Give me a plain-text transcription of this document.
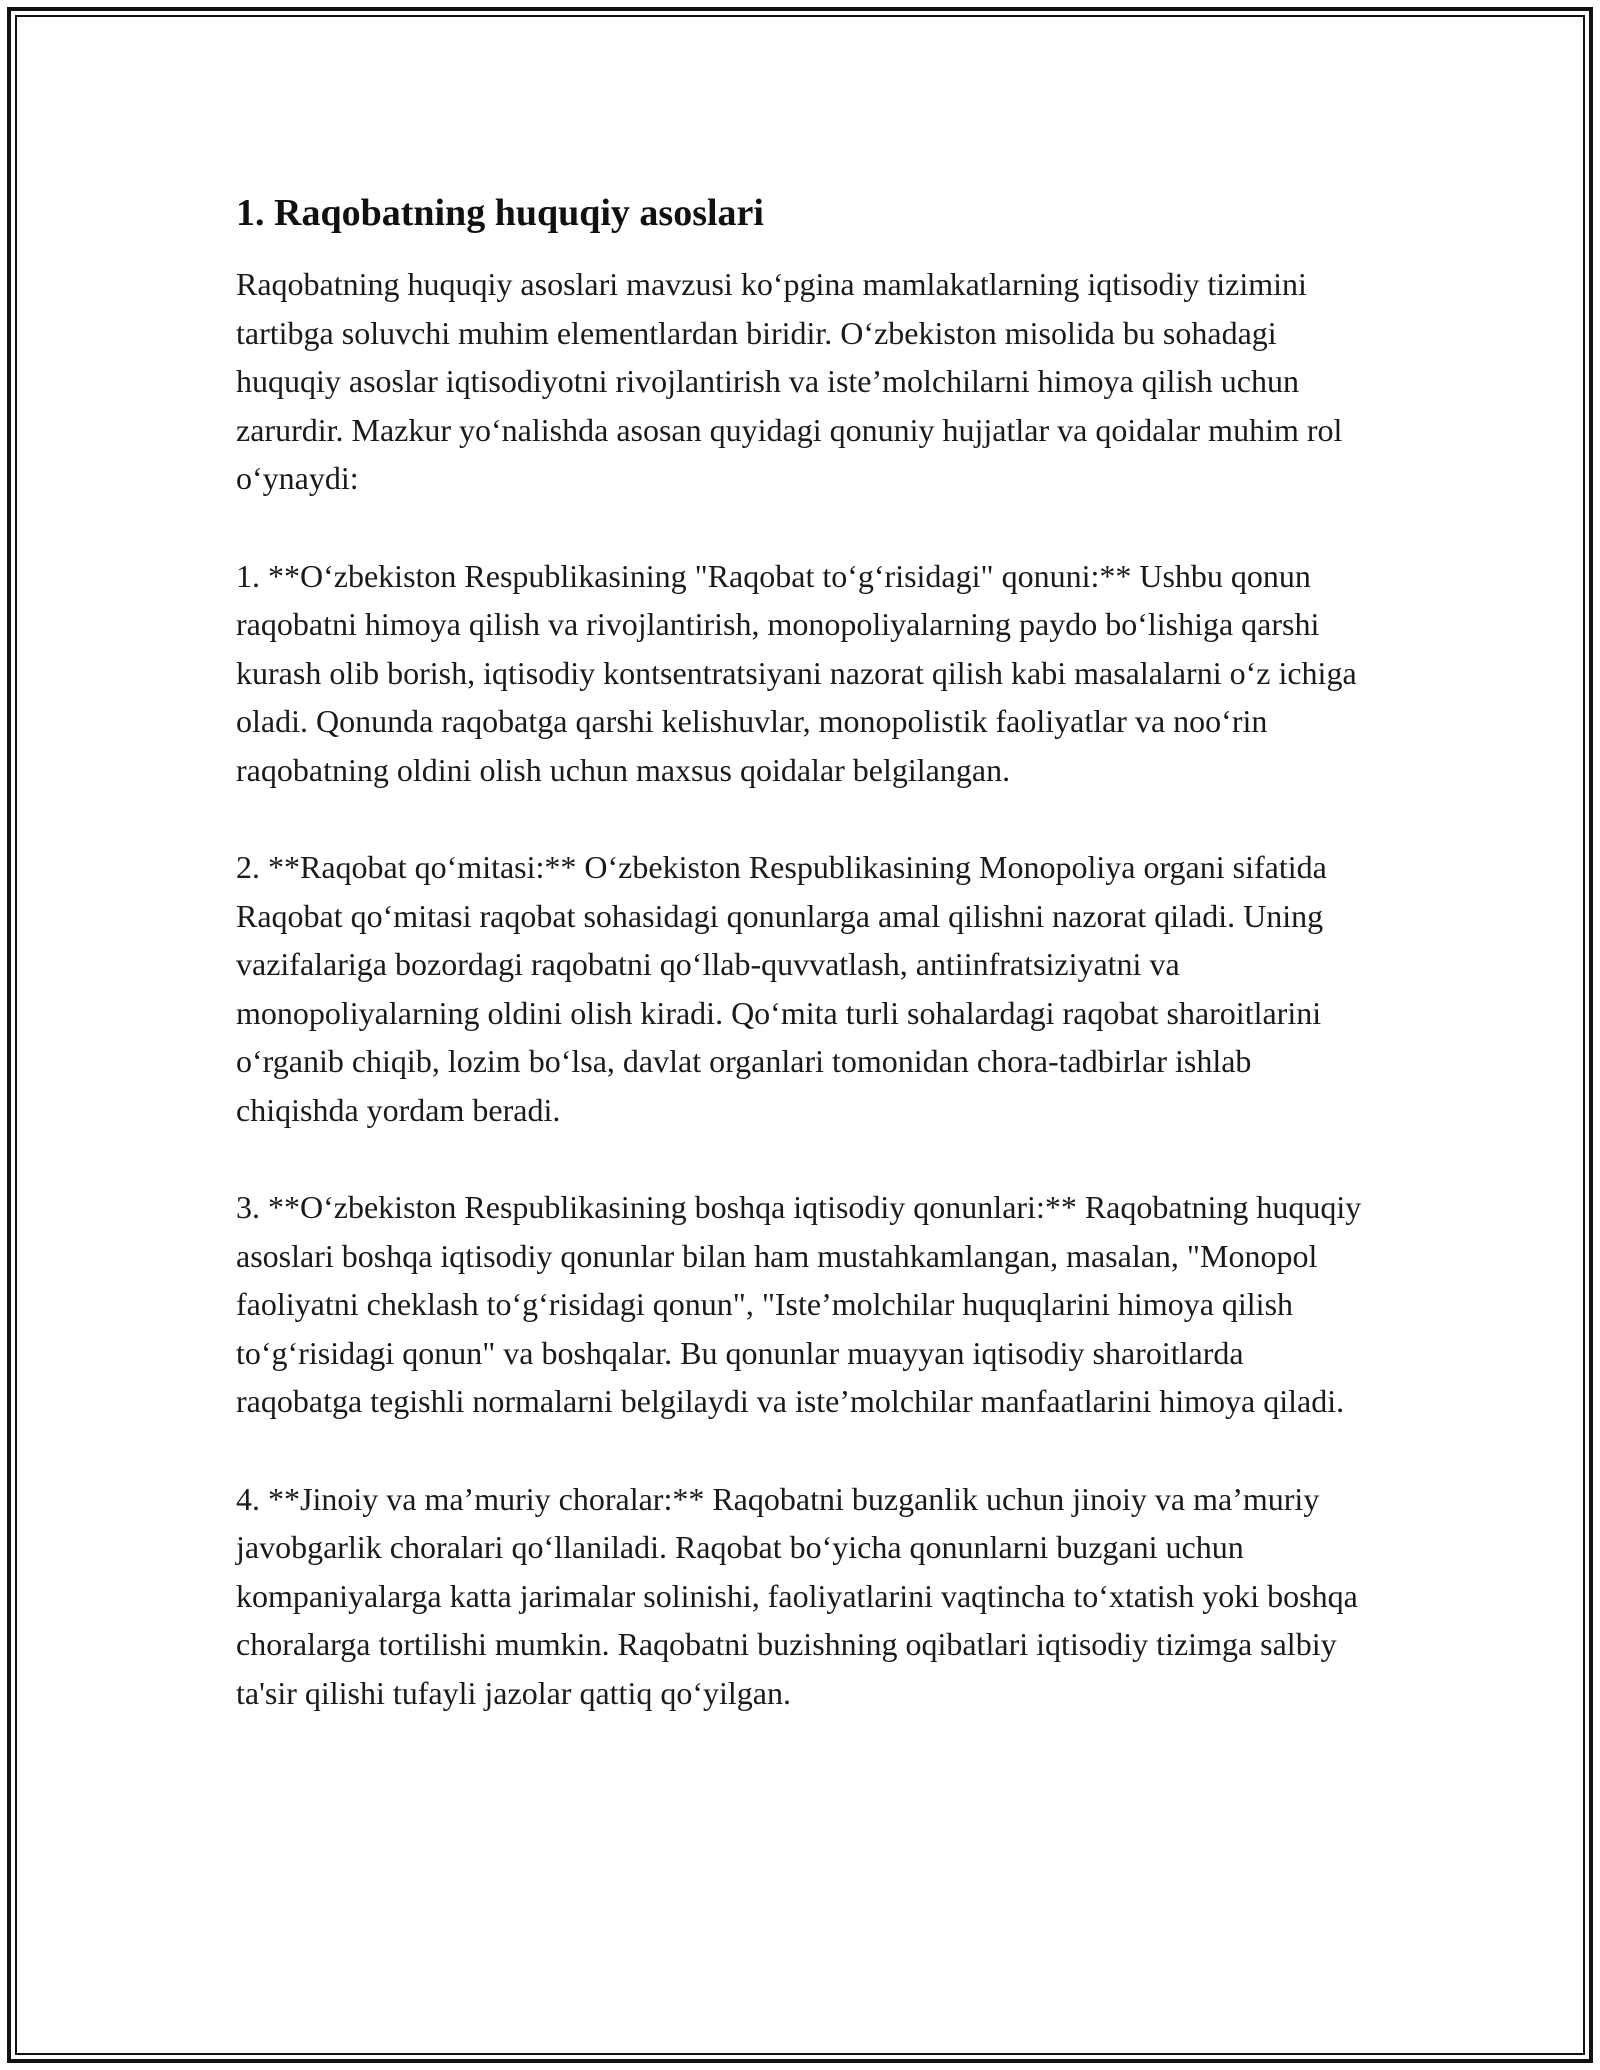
1. Raqobatning huquqiy asoslari

Raqobatning huquqiy asoslari mavzusi ko‘pgina mamlakatlarning iqtisodiy tizimini tartibga soluvchi muhim elementlardan biridir. O‘zbekiston misolida bu sohadagi huquqiy asoslar iqtisodiyotni rivojlantirish va iste’molchilarni himoya qilish uchun zarurdir. Mazkur yo‘nalishda asosan quyidagi qonuniy hujjatlar va qoidalar muhim rol o‘ynaydi:

1. **O‘zbekiston Respublikasining "Raqobat to‘g‘risidagi" qonuni:** Ushbu qonun raqobatni himoya qilish va rivojlantirish, monopoliyalarning paydo bo‘lishiga qarshi kurash olib borish, iqtisodiy kontsentratsiyani nazorat qilish kabi masalalarni o‘z ichiga oladi. Qonunda raqobatga qarshi kelishuvlar, monopolistik faoliyatlar va noo‘rin raqobatning oldini olish uchun maxsus qoidalar belgilangan.

2. **Raqobat qo‘mitasi:** O‘zbekiston Respublikasining Monopoliya organi sifatida Raqobat qo‘mitasi raqobat sohasidagi qonunlarga amal qilishni nazorat qiladi. Uning vazifalariga bozordagi raqobatni qo‘llab-quvvatlash, antiinfratsiziyatni va monopoliyalarning oldini olish kiradi. Qo‘mita turli sohalardagi raqobat sharoitlarini o‘rganib chiqib, lozim bo‘lsa, davlat organlari tomonidan chora-tadbirlar ishlab chiqishda yordam beradi.

3. **O‘zbekiston Respublikasining boshqa iqtisodiy qonunlari:** Raqobatning huquqiy asoslari boshqa iqtisodiy qonunlar bilan ham mustahkamlangan, masalan, "Monopol faoliyatni cheklash to‘g‘risidagi qonun", "Iste’molchilar huquqlarini himoya qilish to‘g‘risidagi qonun" va boshqalar. Bu qonunlar muayyan iqtisodiy sharoitlarda raqobatga tegishli normalarni belgilaydi va iste’molchilar manfaatlarini himoya qiladi.

4. **Jinoiy va ma’muriy choralar:** Raqobatni buzganlik uchun jinoiy va ma’muriy javobgarlik choralari qo‘llaniladi. Raqobat bo‘yicha qonunlarni buzgani uchun kompaniyalarga katta jarimalar solinishi, faoliyatlarini vaqtincha to‘xtatish yoki boshqa choralarga tortilishi mumkin. Raqobatni buzishning oqibatlari iqtisodiy tizimga salbiy ta'sir qilishi tufayli jazolar qattiq qo‘yilgan.
